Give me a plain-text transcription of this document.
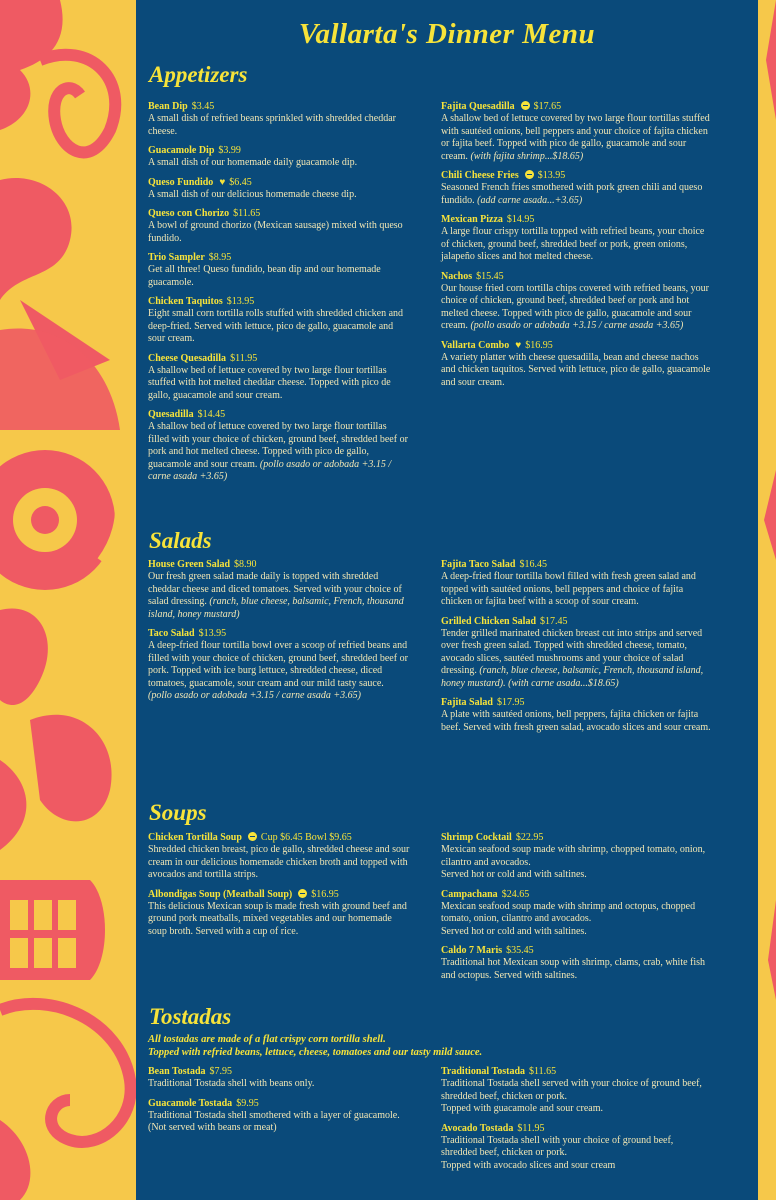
Vallarta's Dinner Menu
Appetizers
Bean Dip $3.45
A small dish of refried beans sprinkled with shredded cheddar cheese.
Guacamole Dip $3.99
A small dish of our homemade daily guacamole dip.
Queso Fundido ♥ $6.45
A small dish of our delicious homemade cheese dip.
Queso con Chorizo $11.65
A bowl of ground chorizo (Mexican sausage) mixed with queso fundido.
Trio Sampler $8.95
Get all three! Queso fundido, bean dip and our homemade guacamole.
Chicken Taquitos $13.95
Eight small corn tortilla rolls stuffed with shredded chicken and deep-fried. Served with lettuce, pico de gallo, guacamole and sour cream.
Cheese Quesadilla $11.95
A shallow bed of lettuce covered by two large flour tortillas stuffed with hot melted cheddar cheese. Topped with pico de gallo, guacamole and sour cream.
Quesadilla $14.45
A shallow bed of lettuce covered by two large flour tortillas filled with your choice of chicken, ground beef, shredded beef or pork and hot melted cheese. Topped with pico de gallo, guacamole and sour cream. (pollo asado or adobada +3.15 / carne asada +3.65)
Fajita Quesadilla $17.65
A shallow bed of lettuce covered by two large flour tortillas stuffed with sautéed onions, bell peppers and your choice of fajita chicken or fajita beef. Topped with pico de gallo, guacamole and sour cream. (with fajita shrimp...$18.65)
Chili Cheese Fries $13.95
Seasoned French fries smothered with pork green chili and queso fundido. (add carne asada...+3.65)
Mexican Pizza $14.95
A large flour crispy tortilla topped with refried beans, your choice of chicken, ground beef, shredded beef or pork, green onions, jalapeño slices and hot melted cheese.
Nachos $15.45
Our house fried corn tortilla chips covered with refried beans, your choice of chicken, ground beef, shredded beef or pork and hot melted cheese. Topped with pico de gallo, guacamole and sour cream. (pollo asado or adobada +3.15 / carne asada +3.65)
Vallarta Combo ♥ $16.95
A variety platter with cheese quesadilla, bean and cheese nachos and chicken taquitos. Served with lettuce, pico de gallo, guacamole and sour cream.
Salads
House Green Salad $8.90
Our fresh green salad made daily is topped with shredded cheddar cheese and diced tomatoes. Served with your choice of salad dressing. (ranch, blue cheese, balsamic, French, thousand island, honey mustard)
Taco Salad $13.95
A deep-fried flour tortilla bowl over a scoop of refried beans and filled with your choice of chicken, ground beef, shredded beef or pork. Topped with ice burg lettuce, shredded cheese, diced tomatoes, guacamole, sour cream and our mild tasty sauce. (pollo asado or adobada +3.15 / carne asada +3.65)
Fajita Taco Salad $16.45
A deep-fried flour tortilla bowl filled with fresh green salad and topped with sautéed onions, bell peppers and choice of fajita chicken or fajita beef with a scoop of sour cream.
Grilled Chicken Salad $17.45
Tender grilled marinated chicken breast cut into strips and served over fresh green salad. Topped with shredded cheese, tomato, avocado slices, sautéed mushrooms and your choice of salad dressing. (ranch, blue cheese, balsamic, French, thousand island, honey mustard). (with carne asada...$18.65)
Fajita Salad $17.95
A plate with sautéed onions, bell peppers, fajita chicken or fajita beef. Served with fresh green salad, avocado slices and sour cream.
Soups
Chicken Tortilla Soup Cup $6.45 Bowl $9.65
Shredded chicken breast, pico de gallo, shredded cheese and sour cream in our delicious homemade chicken broth and topped with avocados and tortilla strips.
Albondigas Soup (Meatball Soup) $16.95
This delicious Mexican soup is made fresh with ground beef and ground pork meatballs, mixed vegetables and our homemade soup broth. Served with a cup of rice.
Shrimp Cocktail $22.95
Mexican seafood soup made with shrimp, chopped tomato, onion, cilantro and avocados.
Served hot or cold and with saltines.
Campachana $24.65
Mexican seafood soup made with shrimp and octopus, chopped tomato, onion, cilantro and avocados.
Served hot or cold and with saltines.
Caldo 7 Maris $35.45
Traditional hot Mexican soup with shrimp, clams, crab, white fish and octopus. Served with saltines.
Tostadas
All tostadas are made of a flat crispy corn tortilla shell.
Topped with refried beans, lettuce, cheese, tomatoes and our tasty mild sauce.
Bean Tostada $7.95
Traditional Tostada shell with beans only.
Guacamole Tostada $9.95
Traditional Tostada shell smothered with a layer of guacamole. (Not served with beans or meat)
Traditional Tostada $11.65
Traditional Tostada shell served with your choice of ground beef, shredded beef, chicken or pork.
Topped with guacamole and sour cream.
Avocado Tostada $11.95
Traditional Tostada shell with your choice of ground beef, shredded beef, chicken or pork.
Topped with avocado slices and sour cream
